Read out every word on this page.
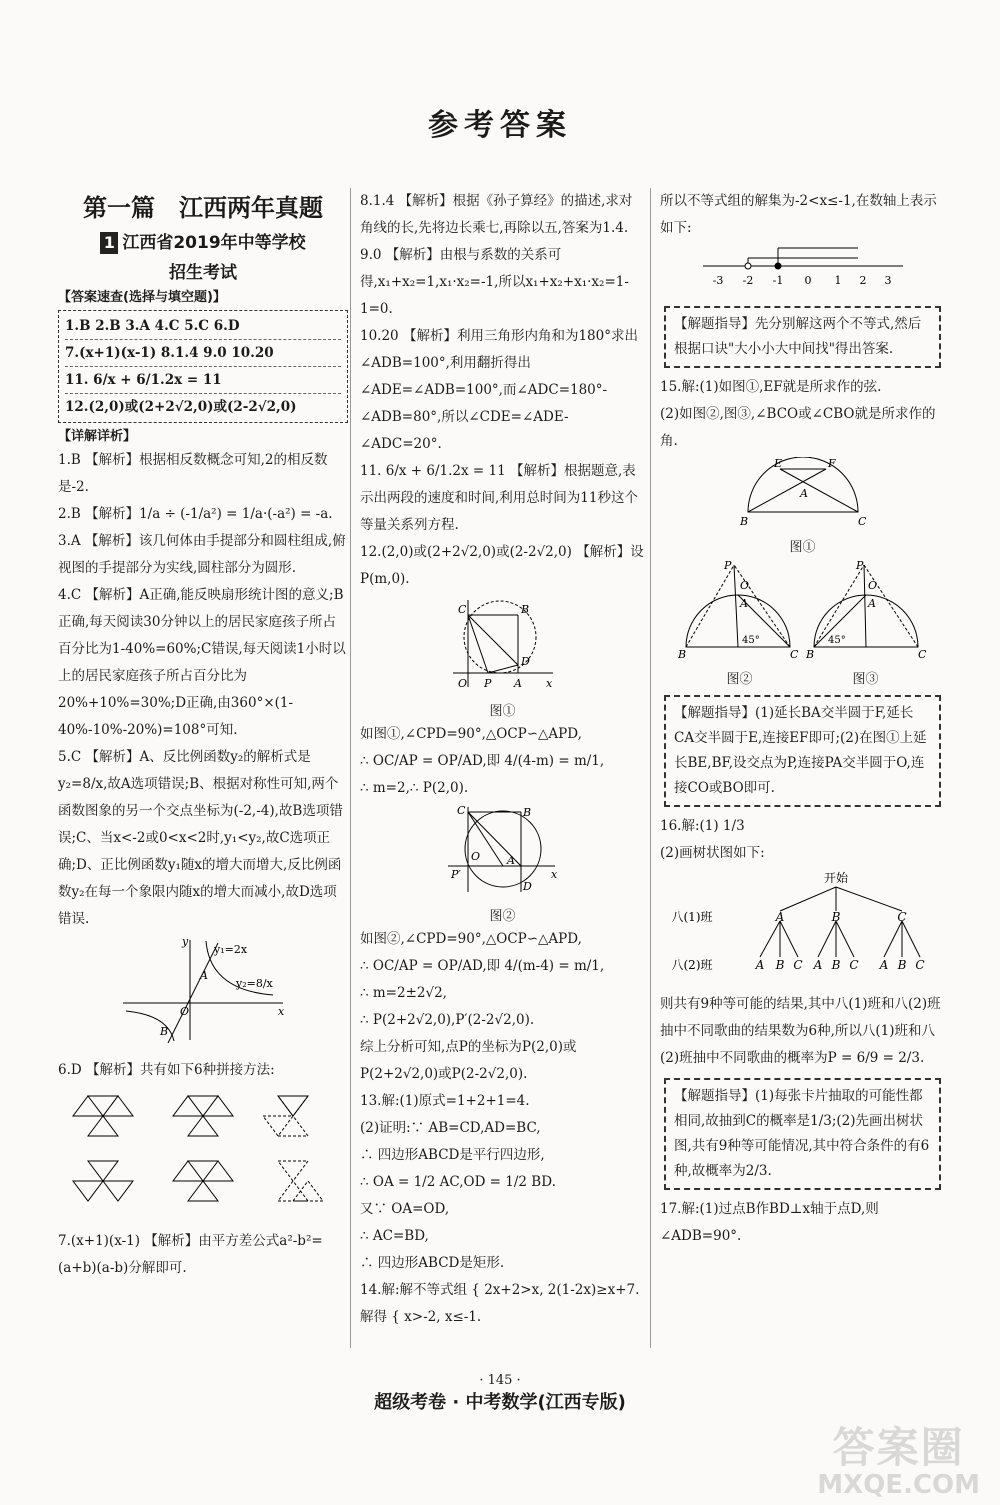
参考答案
第一篇　江西两年真题
1 江西省2019年中等学校
招生考试
【答案速查(选择与填空题)】
1.B 2.B 3.A 4.C 5.C 6.D
7.(x+1)(x-1) 8.1.4 9.0 10.20
11. 6/x + 6/1.2x = 11
12.(2,0)或(2+2√2,0)或(2-2√2,0)
【详解详析】

1.B 【解析】根据相反数概念可知,2的相反数是-2.

2.B 【解析】1/a ÷ (-1/a²) = 1/a·(-a²) = -a.

3.A 【解析】该几何体由手提部分和圆柱组成,俯视图的手提部分为实线,圆柱部分为圆形.

4.C 【解析】A正确,能反映扇形统计图的意义;B正确,每天阅读30分钟以上的居民家庭孩子所占百分比为1-40%=60%;C错误,每天阅读1小时以上的居民家庭孩子所占百分比为20%+10%=30%;D正确,由360°×(1-40%-10%-20%)=108°可知.

5.C 【解析】A、反比例函数y₂的解析式是y₂=8/x,故A选项错误;B、根据对称性可知,两个函数图象的另一个交点坐标为(-2,-4),故B选项错误;C、当x<-2或0<x<2时,y₁<y₂,故C选项正确;D、正比例函数y₁随x的增大而增大,反比例函数y₂在每一个象限内随x的增大而减小,故D选项错误.

y
x
O
y₁=2x
y₂=8/x
A
B

6.D 【解析】共有如下6种拼接方法:

7.(x+1)(x-1) 【解析】由平方差公式a²-b²=(a+b)(a-b)分解即可.

8.1.4 【解析】根据《孙子算经》的描述,求对角线的长,先将边长乘七,再除以五,答案为1.4.

9.0 【解析】由根与系数的关系可得,x₁+x₂=1,x₁·x₂=-1,所以x₁+x₂+x₁·x₂=1-1=0.

10.20 【解析】利用三角形内角和为180°求出∠ADB=100°,利用翻折得出∠ADE=∠ADB=100°,而∠ADC=180°-∠ADB=80°,所以∠CDE=∠ADE-∠ADC=20°.

11. 6/x + 6/1.2x = 11 【解析】根据题意,表示出两段的速度和时间,利用总时间为11秒这个等量关系列方程.

12.(2,0)或(2+2√2,0)或(2-2√2,0) 【解析】设P(m,0).

C	B
D
O P A x
图①

如图①,∠CPD=90°,△OCP∽△APD,

∴ OC/AP = OP/AD,即 4/(4-m) = m/1,

∴ m=2,∴ P(2,0).

C	B
D
O A
P′	x
图②

如图②,∠CPD=90°,△OCP∽△APD,

∴ OC/AP = OP/AD,即 4/(m-4) = m/1,

∴ m=2±2√2,

∴ P(2+2√2,0),P′(2-2√2,0).

综上分析可知,点P的坐标为P(2,0)或P(2+2√2,0)或P(2-2√2,0).

13.解:(1)原式=1+2+1=4.

(2)证明:∵ AB=CD,AD=BC,

∴ 四边形ABCD是平行四边形,

∴ OA = 1/2 AC,OD = 1/2 BD.

又∵ OA=OD,

∴ AC=BD,

∴ 四边形ABCD是矩形.

14.解:解不等式组 { 2x+2>x, 2(1-2x)≥x+7.

解得 { x>-2, x≤-1.

所以不等式组的解集为-2<x≤-1,在数轴上表示如下:

-3 -2 -1 0 1 2 3
【解题指导】先分别解这两个不等式,然后根据口诀"大小小大中间找"得出答案.

15.解:(1)如图①,EF就是所求作的弦.

(2)如图②,图③,∠BCO或∠CBO就是所求作的角.

E	F
A
B	C
图①
P
A
O
45°
B	C
P
A
O
45°
B	C
图②	图③
【解题指导】(1)延长BA交半圆于F,延长CA交半圆于E,连接EF即可;(2)在图①上延长BE,BF,设交点为P,连接PA交半圆于O,连接CO或BO即可.

16.解:(1) 1/3

(2)画树状图如下:

开始
八(1)班
八(2)班
A	B	C
A B C A B C A B C

则共有9种等可能的结果,其中八(1)班和八(2)班抽中不同歌曲的结果数为6种,所以八(1)班和八(2)班抽中不同歌曲的概率为P = 6/9 = 2/3.

【解题指导】(1)每张卡片抽取的可能性都相同,故抽到C的概率是1/3;(2)先画出树状图,共有9种等可能情况,其中符合条件的有6种,故概率为2/3.

17.解:(1)过点B作BD⊥x轴于点D,则∠ADB=90°.

· 145 ·
超级考卷 · 中考数学(江西专版)
答案圈
MXQE.COM
